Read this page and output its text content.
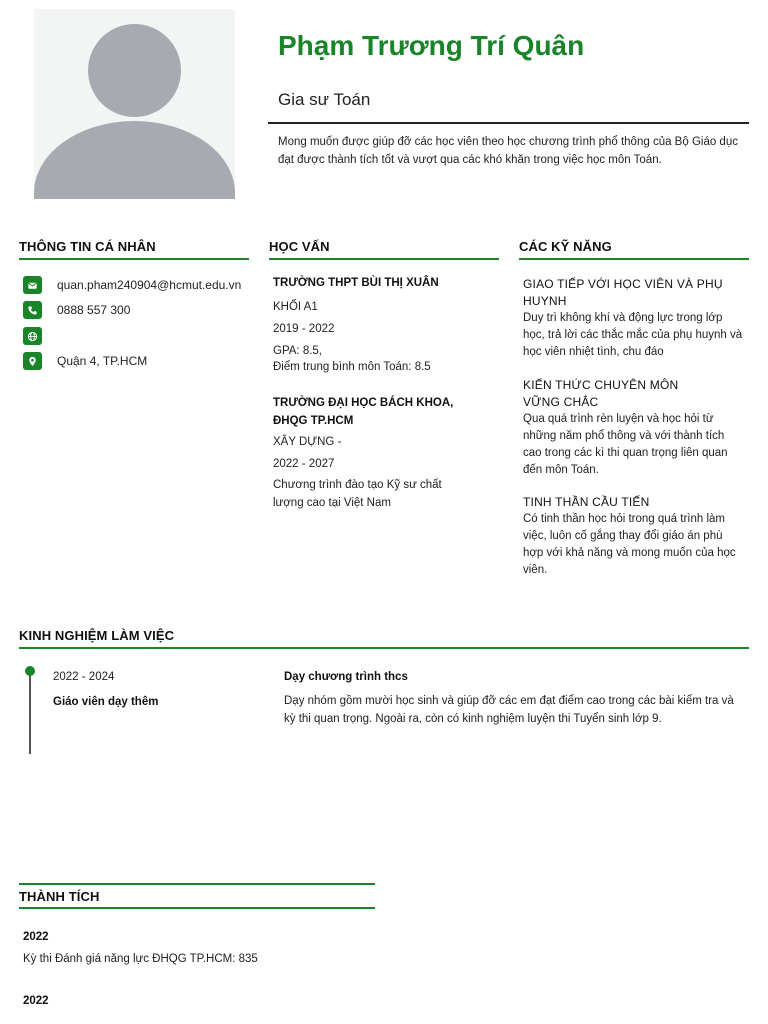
Phạm Trương Trí Quân
Gia sư Toán
Mong muốn được giúp đỡ các học viên theo học chương trình phổ thông của Bộ Giáo dục đạt được thành tích tốt và vượt qua các khó khăn trong việc học môn Toán.
THÔNG TIN CÁ NHÂN
quan.pham240904@hcmut.edu.vn
0888 557 300
Quận 4, TP.HCM
HỌC VẤN
TRƯỜNG THPT BÙI THỊ XUÂN
KHỐI A1
2019 - 2022
GPA: 8.5,
Điểm trung bình môn Toán: 8.5
TRƯỜNG ĐẠI HỌC BÁCH KHOA, ĐHQG TP.HCM
XÂY DỰNG -
2022 - 2027
Chương trình đào tạo Kỹ sư chất lượng cao tại Việt Nam
CÁC KỸ NĂNG
GIAO TIẾP VỚI HỌC VIÊN VÀ PHỤ HUYNH
Duy trì không khí và động lực trong lớp học, trả lời các thắc mắc của phụ huynh và học viên nhiệt tình, chu đáo
KIẾN THỨC CHUYÊN MÔN VỮNG CHẮC
Qua quá trình rèn luyện và học hỏi từ những năm phổ thông và với thành tích cao trong các kì thi quan trọng liên quan đến môn Toán.
TINH THẦN CẦU TIẾN
Có tinh thần học hỏi trong quá trình làm việc, luôn cố gắng thay đổi giáo án phù hợp với khả năng và mong muốn của học viên.
KINH NGHIỆM LÀM VIỆC
2022 - 2024
Giáo viên dạy thêm
Dạy chương trình thcs
Dạy nhóm gồm mười học sinh và giúp đỡ các em đạt điểm cao trong các bài kiểm tra và kỳ thi quan trọng. Ngoài ra, còn có kinh nghiệm luyện thi Tuyển sinh lớp 9.
THÀNH TÍCH
2022
Kỳ thi Đánh giá năng lực ĐHQG TP.HCM: 835
2022
